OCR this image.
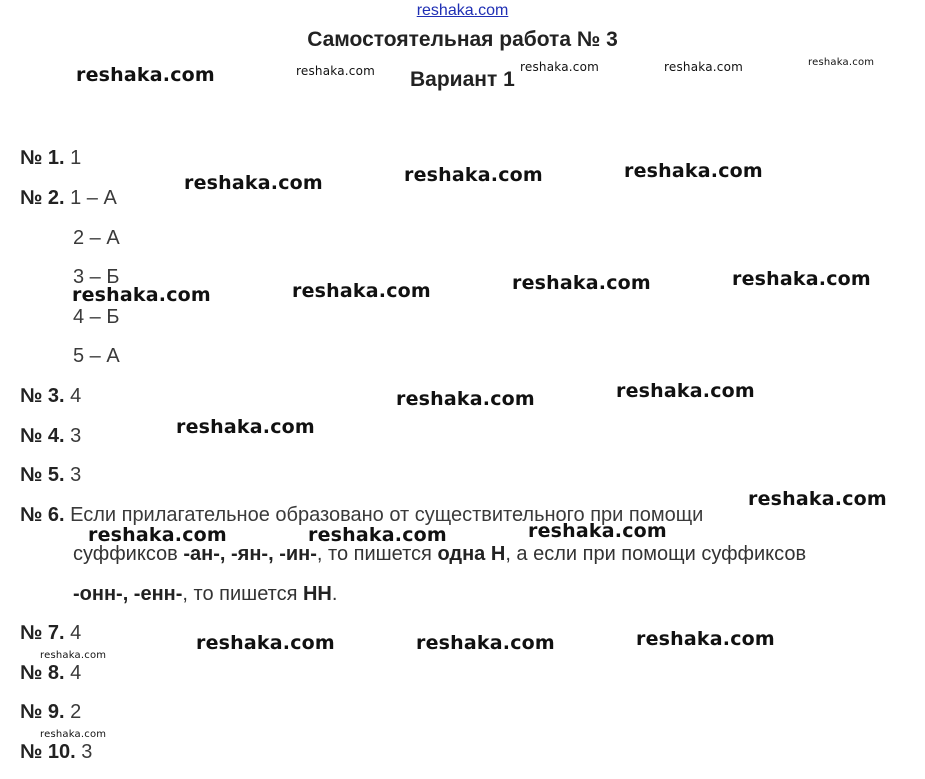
reshaka.com
Самостоятельная работа № 3
Вариант 1
№ 1. 1
№ 2. 1 – А
2 – А
3 – Б
4 – Б
5 – А
№ 3. 4
№ 4. 3
№ 5. 3
№ 6. Если прилагательное образовано от существительного при помощи
суффиксов -ан-, -ян-, -ин-, то пишется одна Н, а если при помощи суффиксов
-онн-, -енн-, то пишется НН.
№ 7. 4
№ 8. 4
№ 9. 2
№ 10. 3
reshaka.com	reshaka.com	reshaka.com	reshaka.com	reshaka.com
reshaka.com	reshaka.com	reshaka.com
reshaka.com	reshaka.com	reshaka.com	reshaka.com
reshaka.com	reshaka.com
reshaka.com
reshaka.com
reshaka.com	reshaka.com	reshaka.com
reshaka.com	reshaka.com	reshaka.com
reshaka.com
reshaka.com
